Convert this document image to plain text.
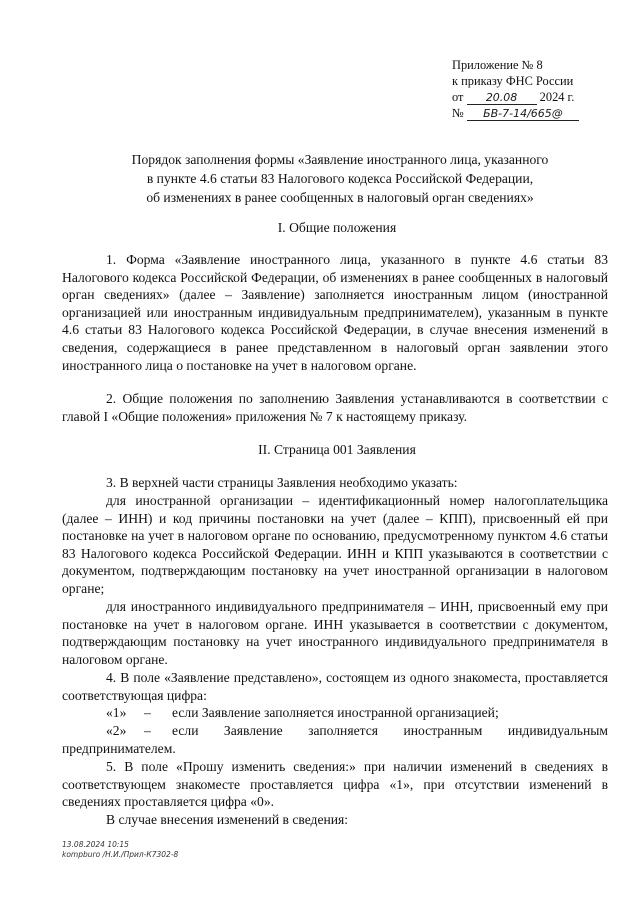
Приложение № 8
к приказу ФНС России
от 20.08 2024 г.
№ БВ-7-14/665@
Порядок заполнения формы «Заявление иностранного лица, указанного
в пункте 4.6 статьи 83 Налогового кодекса Российской Федерации,
об изменениях в ранее сообщенных в налоговый орган сведениях»
I. Общие положения

1. Форма «Заявление иностранного лица, указанного в пункте 4.6 статьи 83 Налогового кодекса Российской Федерации, об изменениях в ранее сообщенных в налоговый орган сведениях» (далее – Заявление) заполняется иностранным лицом (иностранной организацией или иностранным индивидуальным предпринимателем), указанным в пункте 4.6 статьи 83 Налогового кодекса Российской Федерации, в случае внесения изменений в сведения, содержащиеся в ранее представленном в налоговый орган заявлении этого иностранного лица о постановке на учет в налоговом органе.

2. Общие положения по заполнению Заявления устанавливаются в соответствии с главой I «Общие положения» приложения № 7 к настоящему приказу.

II. Страница 001 Заявления

3. В верхней части страницы Заявления необходимо указать:

для иностранной организации – идентификационный номер налогоплательщика (далее – ИНН) и код причины постановки на учет (далее – КПП), присвоенный ей при постановке на учет в налоговом органе по основанию, предусмотренному пунктом 4.6 статьи 83 Налогового кодекса Российской Федерации. ИНН и КПП указываются в соответствии с документом, подтверждающим постановку на учет иностранной организации в налоговом органе;

для иностранного индивидуального предпринимателя – ИНН, присвоенный ему при постановке на учет в налоговом органе. ИНН указывается в соответствии с документом, подтверждающим постановку на учет иностранного индивидуального предпринимателя в налоговом органе.

4. В поле «Заявление представлено», состоящем из одного знакоместа, проставляется соответствующая цифра:

«1» – если Заявление заполняется иностранной организацией;
«2» – если Заявление заполняется иностранным индивидуальным
предпринимателем.

5. В поле «Прошу изменить сведения:» при наличии изменений в сведениях в соответствующем знакоместе проставляется цифра «1», при отсутствии изменений в сведениях проставляется цифра «0».

В случае внесения изменений в сведения:

13.08.2024 10:15
kompburo /Н.И./Прил-К7302-8
